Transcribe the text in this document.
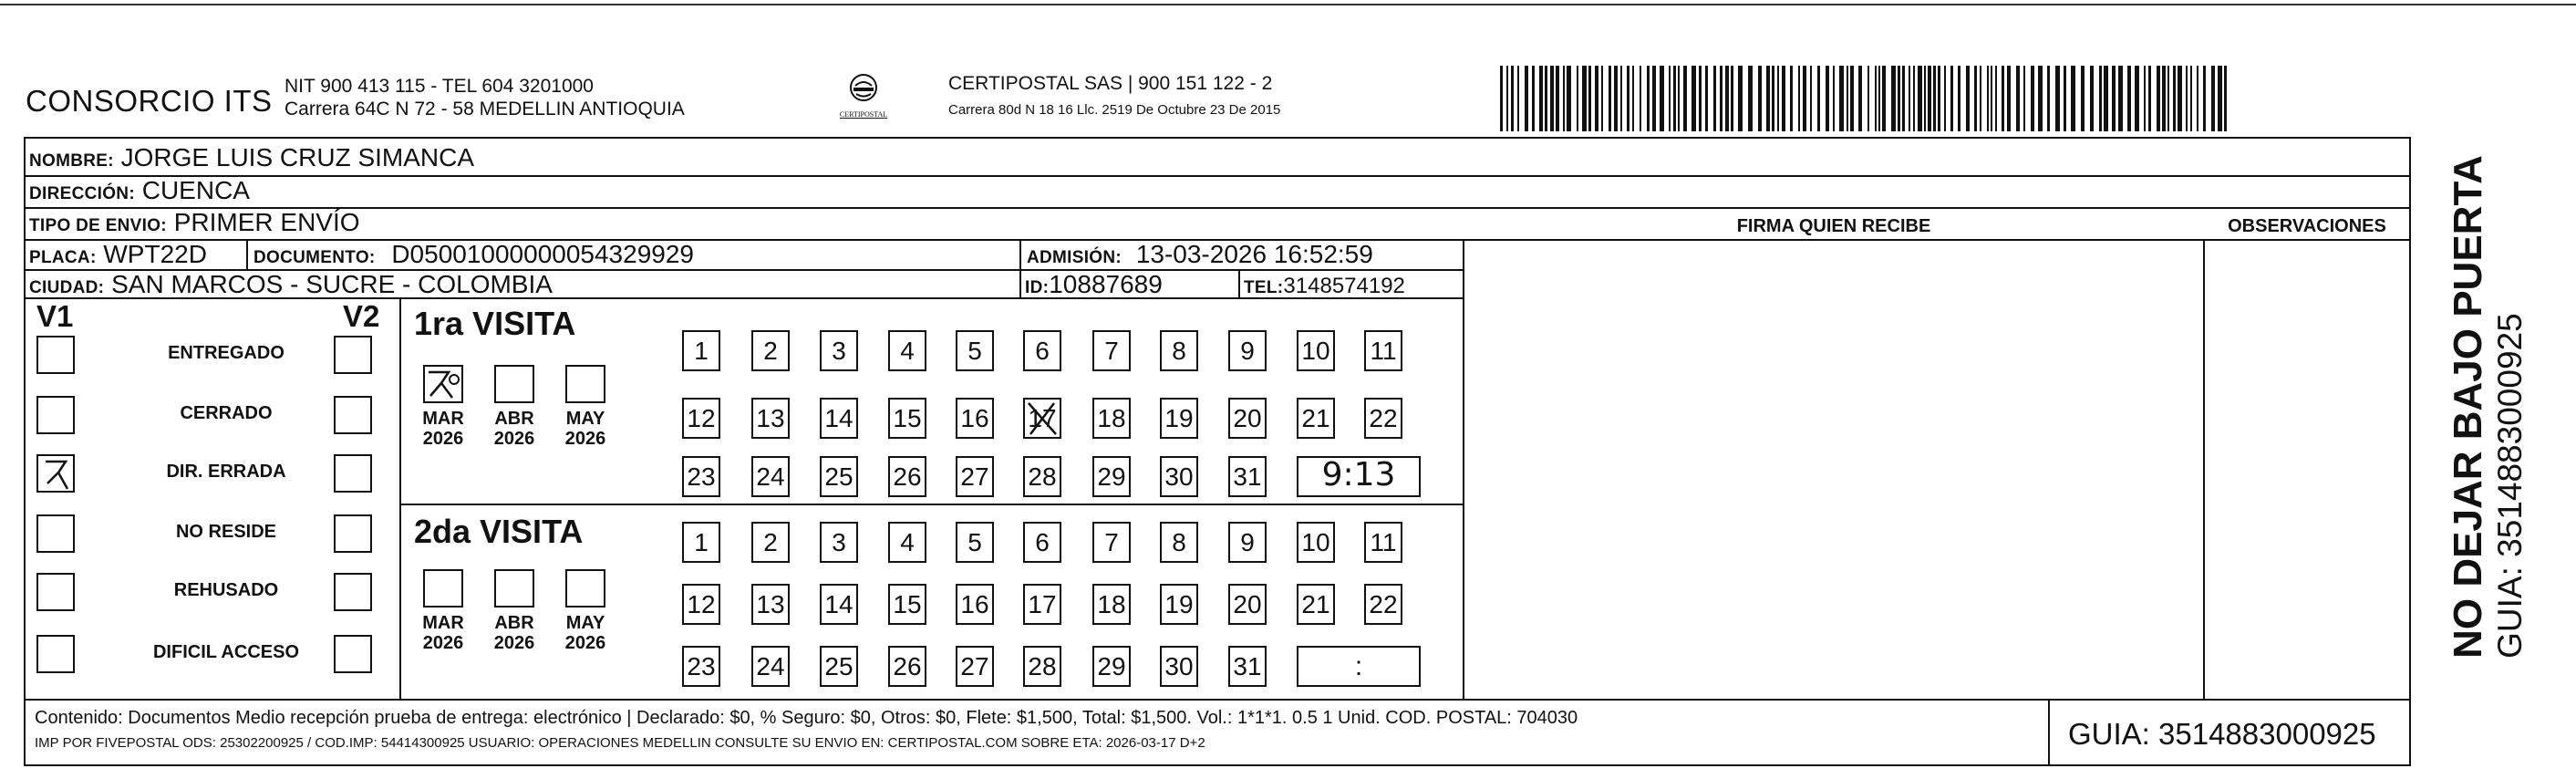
CONSORCIO ITS NIT 900 413 115 - TEL 604 3201000
Carrera 64C N 72 - 58 MEDELLIN ANTIOQUIA	CERTIPOSTAL
CERTIPOSTAL SAS | 900 151 122 - 2
Carrera 80d N 18 16 Llc. 2519 De Octubre 23 De 2015
NOMBRE: JORGE LUIS CRUZ SIMANCA
DIRECCIÓN: CUENCA
TIPO DE ENVIO: PRIMER ENVÍO	FIRMA QUIEN RECIBE	OBSERVACIONES
PLACA: WPT22D	DOCUMENTO: D05001000000054329929	ADMISIÓN: 13-03-2026 16:52:59
CIUDAD: SAN MARCOS - SUCRE - COLOMBIA	ID:10887689	TEL:3148574192
V1	V2
ENTREGADO
CERRADO
DIR. ERRADA
NO RESIDE
REHUSADO
DIFICIL ACCESO
1ra VISITA
2da VISITA
MAR
2026
ABR
2026
MAY
2026
MAR
2026
ABR
2026
MAY
2026
1	2	3	4	5	6	7	8	9	10 11
12 13 14 15 16 17 18 19 20 21 22
23 24 25 26 27 28 29 30 31	9:13
1	2	3	4	5	6	7	8	9	10 11
12 13 14 15 16 17 18 19 20 21 22
23 24 25 26 27 28 29 30 31	:
Contenido: Documentos Medio recepción prueba de entrega: electrónico | Declarado: $0, % Seguro: $0, Otros: $0, Flete: $1,500, Total: $1,500. Vol.: 1*1*1. 0.5 1 Unid. COD. POSTAL: 704030
IMP POR FIVEPOSTAL ODS: 25302200925 / COD.IMP: 54414300925 USUARIO: OPERACIONES MEDELLIN CONSULTE SU ENVIO EN: CERTIPOSTAL.COM SOBRE ETA: 2026-03-17 D+2	GUIA: 3514883000925
NO DEJAR BAJO PUERTA GUIA: 3514883000925
